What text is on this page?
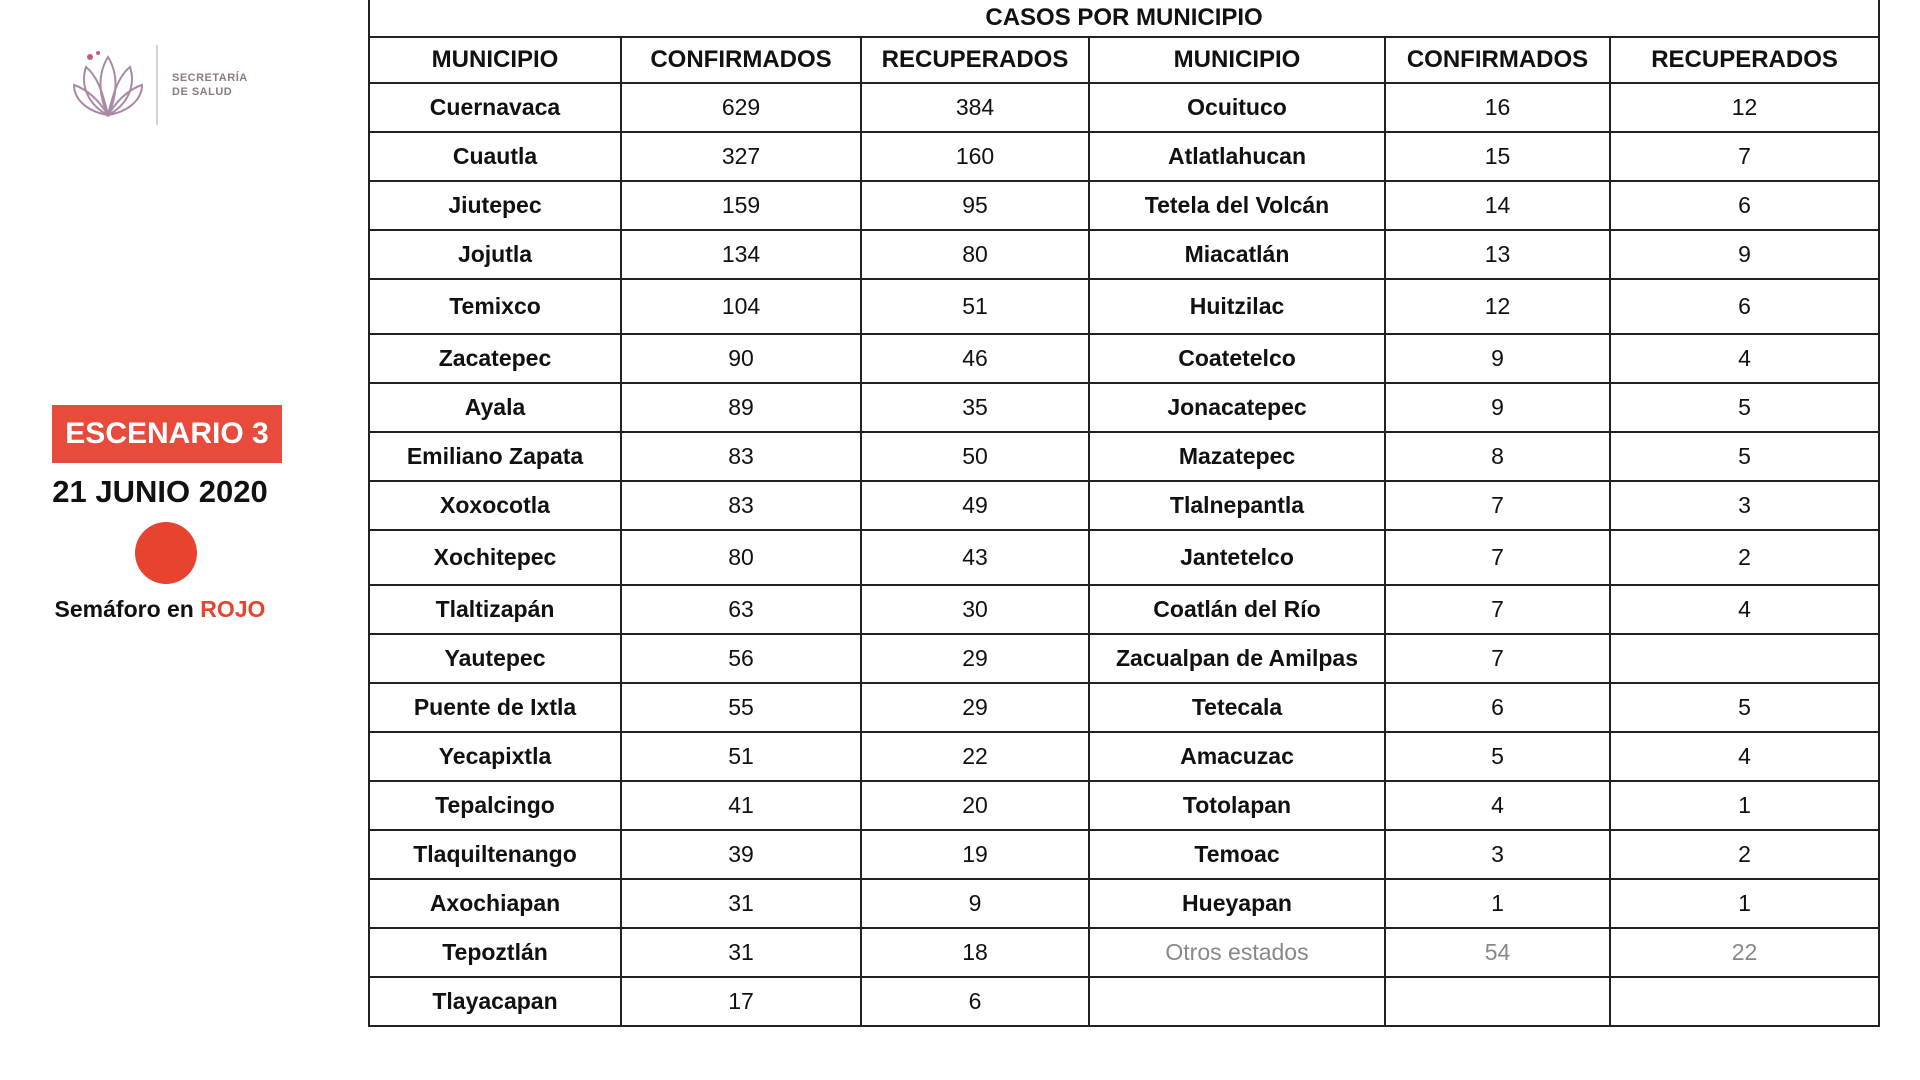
SECRETARÍA
DE SALUD
ESCENARIO 3
21 JUNIO 2020
Semáforo en ROJO
CASOS POR MUNICIPIO					
MUNICIPIO	CONFIRMADOS	RECUPERADOS	MUNICIPIO	CONFIRMADOS	RECUPERADOS
Cuernavaca	629	384	Ocuituco	16	12
Cuautla	327	160	Atlatlahucan	15	7
Jiutepec	159	95	Tetela del Volcán	14	6
Jojutla	134	80	Miacatlán	13	9
Temixco	104	51	Huitzilac	12	6
Zacatepec	90	46	Coatetelco	9	4
Ayala	89	35	Jonacatepec	9	5
Emiliano Zapata	83	50	Mazatepec	8	5
Xoxocotla	83	49	Tlalnepantla	7	3
Xochitepec	80	43	Jantetelco	7	2
Tlaltizapán	63	30	Coatlán del Río	7	4
Yautepec	56	29	Zacualpan de Amilpas	7	
Puente de Ixtla	55	29	Tetecala	6	5
Yecapixtla	51	22	Amacuzac	5	4
Tepalcingo	41	20	Totolapan	4	1
Tlaquiltenango	39	19	Temoac	3	2
Axochiapan	31	9	Hueyapan	1	1
Tepoztlán	31	18	Otros estados	54	22
Tlayacapan	17	6			
